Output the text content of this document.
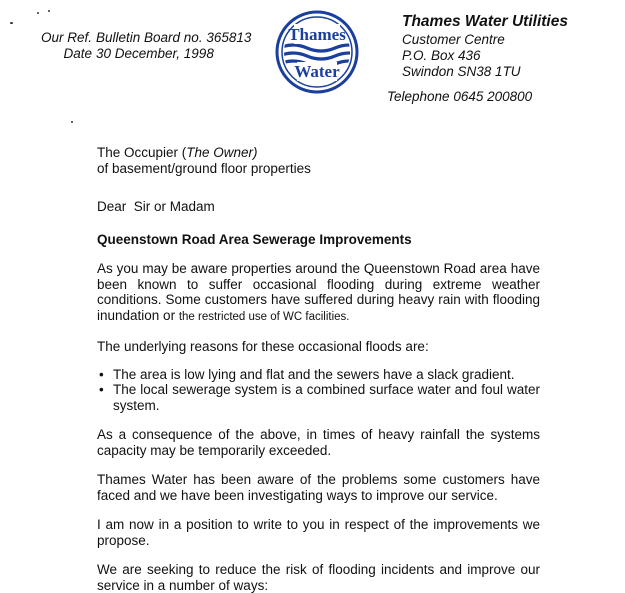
Our Ref. Bulletin Board no. 365813
Date 30 December, 1998
Thames
Water
Thames Water Utilities
Customer Centre
P.O. Box 436
Swindon SN38 1TU
Telephone 0645 200800

The Occupier (The Owner)

of basement/ground floor properties

Dear  Sir or Madam

Queenstown Road Area Sewerage Improvements

As you may be aware properties around the Queenstown Road area have been known to suffer occasional flooding during extreme weather conditions. Some customers have suffered during heavy rain with flooding inundation or the restricted use of WC facilities.

The underlying reasons for these occasional floods are:

• The area is low lying and flat and the sewers have a slack gradient.
• The local sewerage system is a combined surface water and foul water system.

As a consequence of the above, in times of heavy rainfall the systems capacity may be temporarily exceeded.

Thames Water has been aware of the problems some customers have faced and we have been investigating ways to improve our service.

I am now in a position to write to you in respect of the improvements we propose.

We are seeking to reduce the risk of flooding incidents and improve our service in a number of ways:
